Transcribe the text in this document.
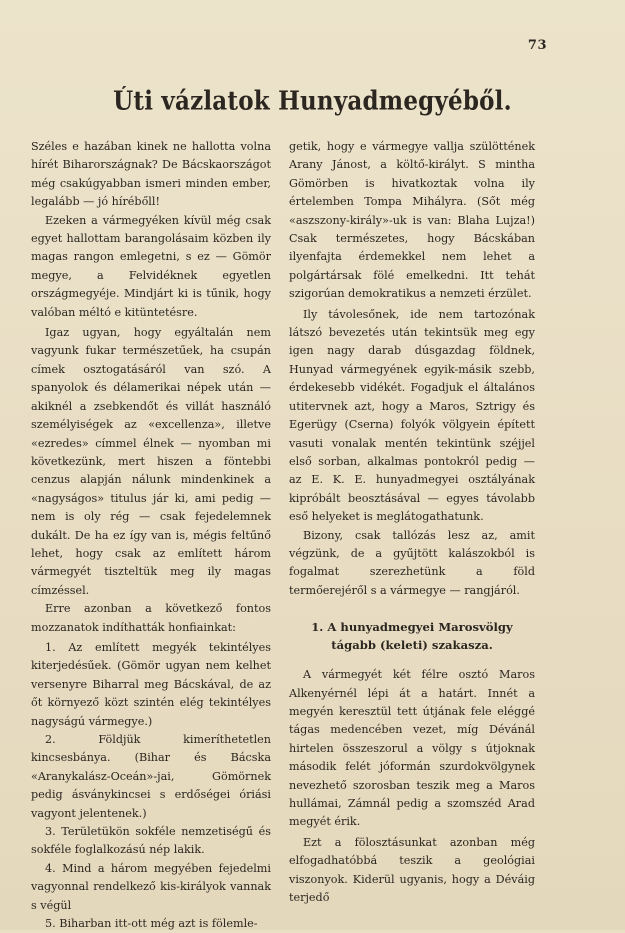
73
Úti vázlatok Hunyadmegyéből.

Széles e hazában kinek ne hallotta volna hírét Biharországnak? De Bácskaországot még csakúgyabban ismeri minden ember, legalább — jó hírébőll!

Ezeken a vármegyéken kívül még csak egyet hallottam barangolásaim közben ily magas rangon emlegetni, s ez — Gömör megye, a Felvidéknek egyetlen országmegyéje. Mindjárt ki is tűnik, hogy valóban méltó e kitüntetésre.

Igaz ugyan, hogy egyáltalán nem vagyunk fukar természetűek, ha csupán címek osztogatásáról van szó. A spanyolok és délamerikai népek után — akiknél a zsebkendőt és villát használó személyiségek az «excellenza», illetve «ezredes» címmel élnek — nyomban mi következünk, mert hiszen a föntebbi cenzus alapján nálunk mindenkinek a «nagyságos» titulus jár ki, ami pedig — nem is oly rég — csak fejedelemnek dukált. De ha ez így van is, mégis feltűnő lehet, hogy csak az említett három vármegyét tiszteltük meg ily magas címzéssel.

Erre azonban a következő fontos mozzanatok indíthatták honfiainkat:

1. Az említett megyék tekintélyes kiterjedésűek. (Gömör ugyan nem kelhet versenyre Biharral meg Bácskával, de az őt környező közt szintén elég tekintélyes nagyságú vármegye.)

2. Földjük kimeríthetetlen kincsesbánya. (Bihar és Bácska «Aranykalász-Oceán»-jai, Gömörnek pedig ásványkincsei s erdőségei óriási vagyont jelentenek.)

3. Területükön sokféle nemzetiségű és sokféle foglalkozású nép lakik.

4. Mind a három megyében fejedelmi vagyonnal rendelkező kis-királyok vannak s végül

5. Biharban itt-ott még azt is fölemle-

getik, hogy e vármegye vallja szülöttének Arany Jánost, a költő-királyt. S mintha Gömörben is hivatkoztak volna ily értelemben Tompa Mihályra. (Sőt még «aszszony-király»-uk is van: Blaha Lujza!) Csak természetes, hogy Bácskában ilyenfajta érdemekkel nem lehet a polgártársak fölé emelkedni. Itt tehát szigorúan demokratikus a nemzeti érzület.

Ily távolesőnek, ide nem tartozónak látszó bevezetés után tekintsük meg egy igen nagy darab dúsgazdag földnek, Hunyad vármegyének egyik-másik szebb, érdekesebb vidékét. Fogadjuk el általános utitervnek azt, hogy a Maros, Sztrigy és Egerügy (Cserna) folyók völgyein épített vasuti vonalak mentén tekintünk széjjel első sorban, alkalmas pontokról pedig — az E. K. E. hunyadmegyei osztályának kipróbált beosztásával — egyes távolabb eső helyeket is meglátogathatunk.

Bizony, csak tallózás lesz az, amit végzünk, de a gyűjtött kalászokból is fogalmat szerezhetünk a föld termőerejéről s a vármegye — rangjáról.

1. A hunyadmegyei Marosvölgy tágabb (keleti) szakasza.

A vármegyét két félre osztó Maros Alkenyérnél lépi át a határt. Innét a megyén keresztül tett útjának fele eléggé tágas medencében vezet, míg Dévánál hirtelen összeszorul a völgy s útjoknak második felét jóformán szurdokvölgynek nevezhető szorosban teszik meg a Maros hullámai, Zámnál pedig a szomszéd Arad megyét érik.

Ezt a fölosztásunkat azonban még elfogadhatóbbá teszik a geológiai viszonyok. Kiderül ugyanis, hogy a Déváig terjedő
